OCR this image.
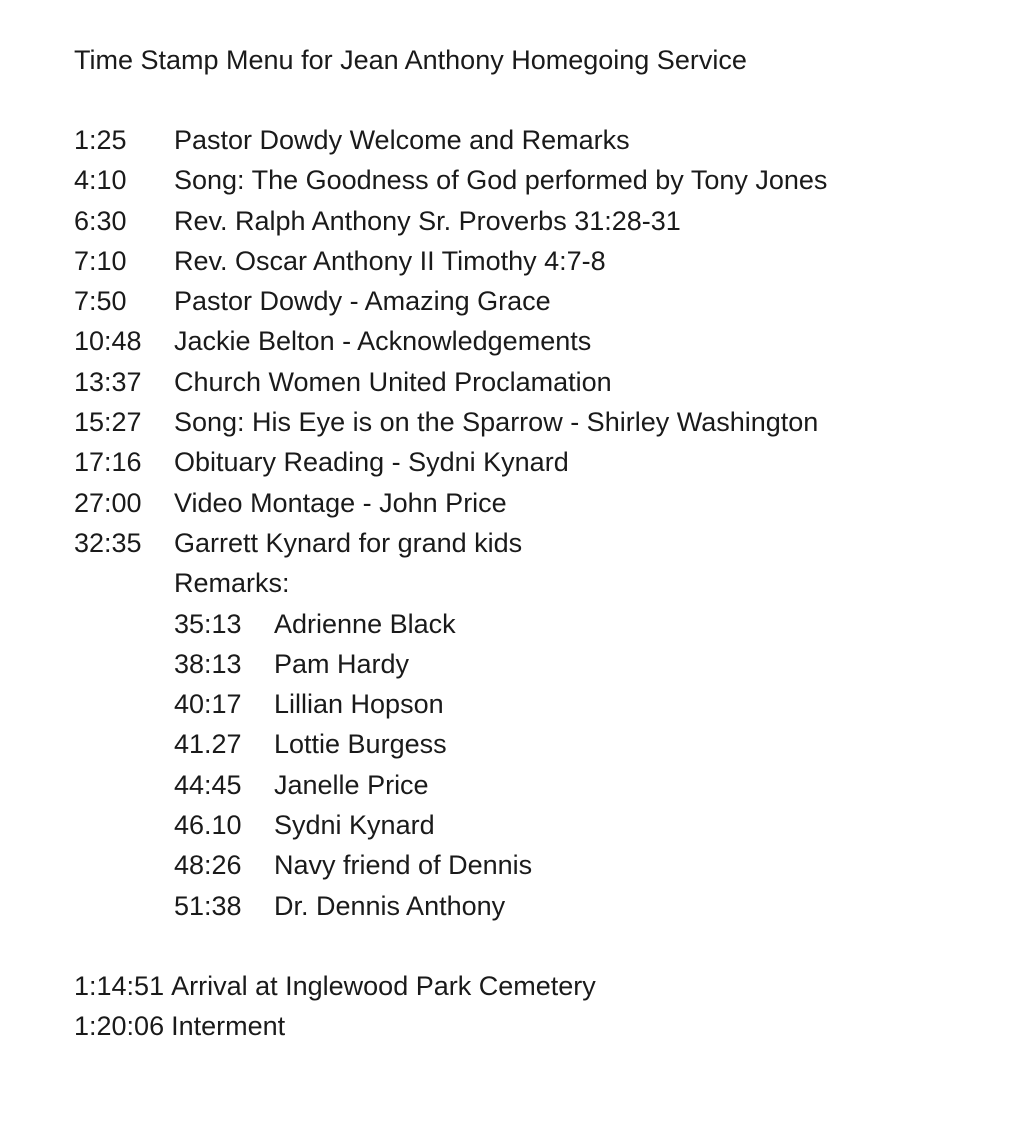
Time Stamp Menu for Jean Anthony Homegoing Service
1:25	Pastor Dowdy Welcome and Remarks
4:10	Song: The Goodness of God performed by Tony Jones
6:30	Rev. Ralph Anthony Sr. Proverbs 31:28-31
7:10	Rev. Oscar Anthony II Timothy 4:7-8
7:50	Pastor Dowdy - Amazing Grace
10:48	Jackie Belton - Acknowledgements
13:37	Church Women United Proclamation
15:27	Song: His Eye is on the Sparrow - Shirley Washington
17:16	Obituary Reading - Sydni Kynard
27:00	Video Montage - John Price
32:35	Garrett Kynard for grand kids
Remarks:
35:13	Adrienne Black
38:13	Pam Hardy
40:17	Lillian Hopson
41.27	Lottie Burgess
44:45	Janelle Price
46.10	Sydni Kynard
48:26	Navy friend of Dennis
51:38	Dr. Dennis Anthony
1:14:51 Arrival at Inglewood Park Cemetery
1:20:06 Interment
